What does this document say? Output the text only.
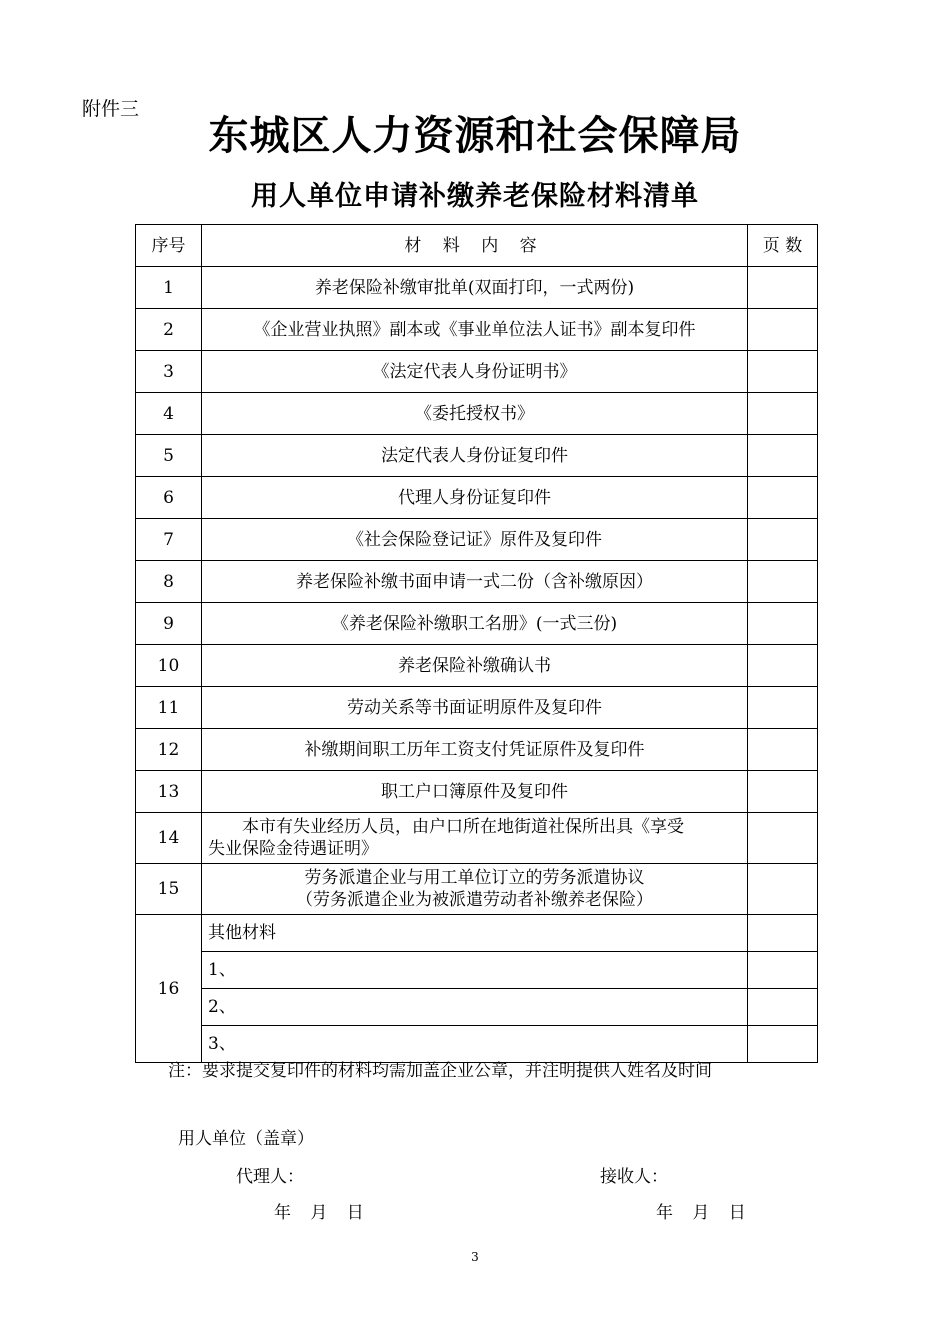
附件三
东城区人力资源和社会保障局
用人单位申请补缴养老保险材料清单
序号	材 料 内 容	页 数
1	养老保险补缴审批单(双面打印，一式两份)	
2	《企业营业执照》副本或《事业单位法人证书》副本复印件	
3	《法定代表人身份证明书》	
4	《委托授权书》	
5	法定代表人身份证复印件	
6	代理人身份证复印件	
7	《社会保险登记证》原件及复印件	
8	养老保险补缴书面申请一式二份（含补缴原因）	
9	《养老保险补缴职工名册》(一式三份)	
10	养老保险补缴确认书	
11	劳动关系等书面证明原件及复印件	
12	补缴期间职工历年工资支付凭证原件及复印件	
13	职工户口簿原件及复印件	
14	本市有失业经历人员，由户口所在地街道社保所出具《享受
失业保险金待遇证明》	

15	劳务派遣企业与用工单位订立的劳务派遣协议
（劳务派遣企业为被派遣劳动者补缴养老保险）	

16	其他材料	
	1、	
	2、	
	3、	
注：要求提交复印件的材料均需加盖企业公章，并注明提供人姓名及时间
用人单位（盖章）
代理人：	接收人：
年 月 日	年 月 日
3
